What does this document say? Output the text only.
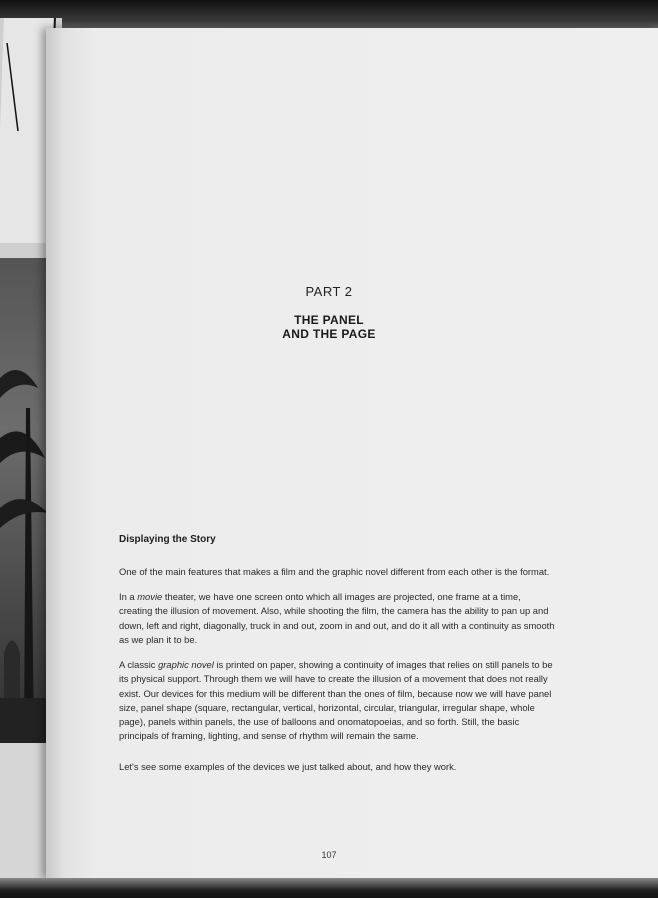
PART 2
THE PANEL
AND THE PAGE
Displaying the Story
One of the main features that makes a film and the graphic novel different from each other is the format.
In a movie theater, we have one screen onto which all images are projected, one frame at a time, creating the illusion of movement. Also, while shooting the film, the camera has the ability to pan up and down, left and right, diagonally, truck in and out, zoom in and out, and do it all with a continuity as smooth as we plan it to be.
A classic graphic novel is printed on paper, showing a continuity of images that relies on still panels to be its physical support. Through them we will have to create the illusion of a movement that does not really exist. Our devices for this medium will be different than the ones of film, because now we will have panel size, panel shape (square, rectangular, vertical, horizontal, circular, triangular, irregular shape, whole page), panels within panels, the use of balloons and onomatopoeias, and so forth. Still, the basic principals of framing, lighting, and sense of rhythm will remain the same.
Let's see some examples of the devices we just talked about, and how they work.
107
